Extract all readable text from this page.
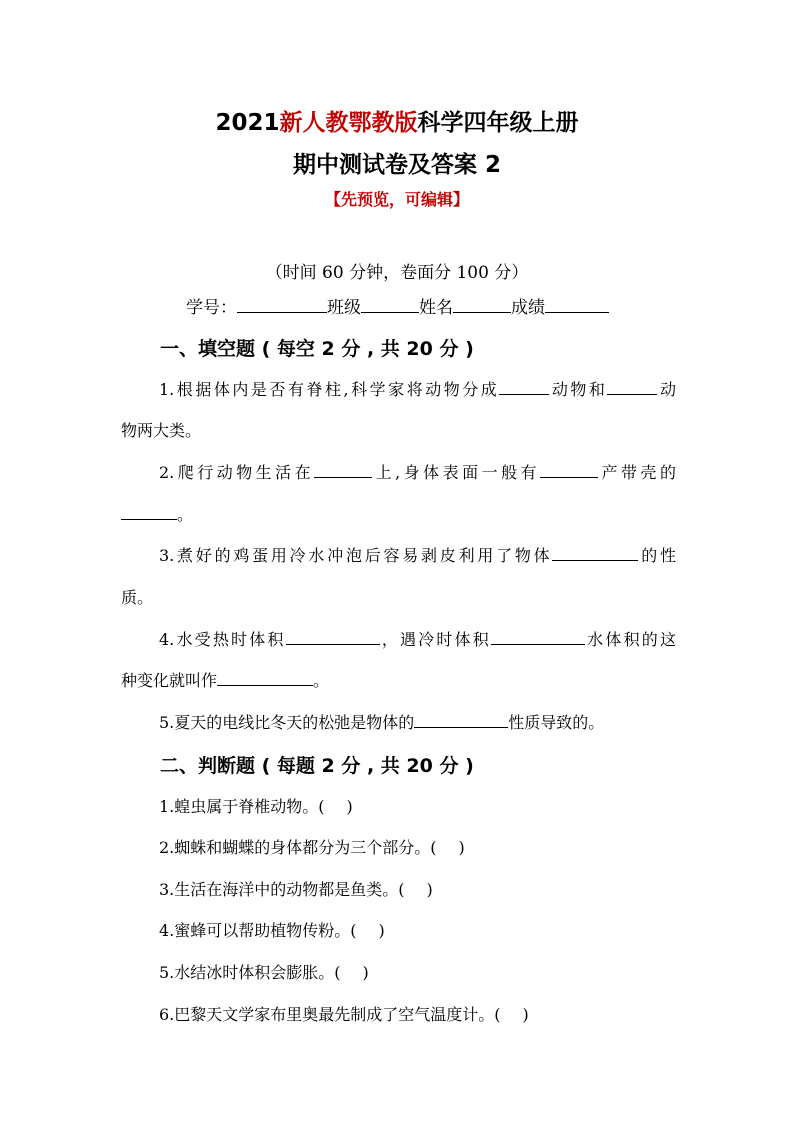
2021新人教鄂教版科学四年级上册
期中测试卷及答案 2
【先预览，可编辑】
（时间 60 分钟，卷面分 100 分）
学号：	班级	姓名	成绩
一、填空题 ( 每空 2 分 , 共 20 分 )
1.根据体内是否有脊柱,科学家将动物分成	动物和	动
物两大类。
2.爬行动物生活在	上,身体表面一般有	产带壳的
。
3.煮好的鸡蛋用冷水冲泡后容易剥皮利用了物体	的性
质。
4.水受热时体积	，遇冷时体积	水体积的这
种变化就叫作	。
5.夏天的电线比冬天的松弛是物体的	性质导致的。
二、判断题 ( 每题 2 分 , 共 20 分 )
1.蝗虫属于脊椎动物。( )
2.蜘蛛和蝴蝶的身体都分为三个部分。( )
3.生活在海洋中的动物都是鱼类。( )
4.蜜蜂可以帮助植物传粉。( )
5.水结冰时体积会膨胀。( )
6.巴黎天文学家布里奥最先制成了空气温度计。( )
